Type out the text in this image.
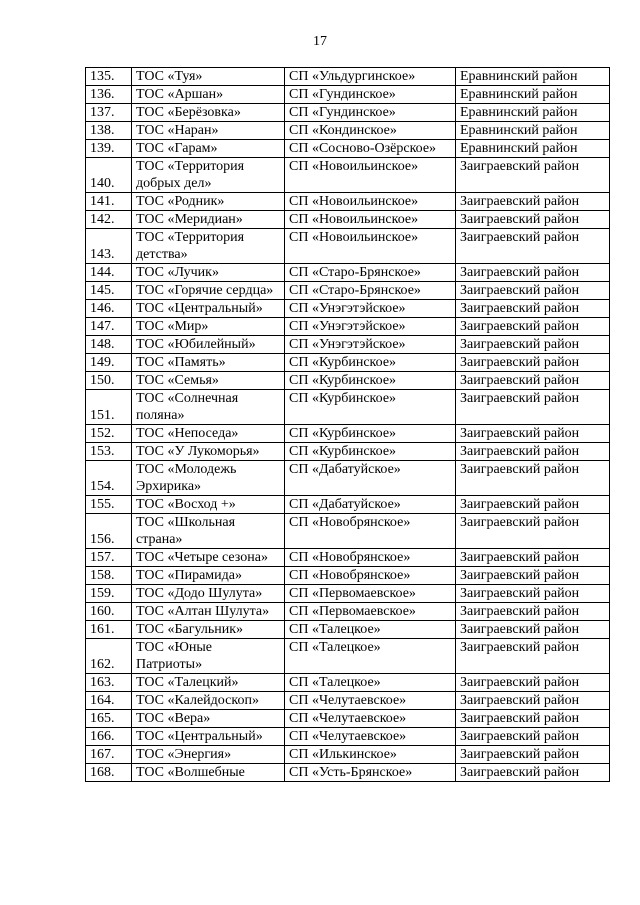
17
135.	ТОС «Туя»	СП «Ульдургинское»	Еравнинский район
136.	ТОС «Аршан»	СП «Гундинское»	Еравнинский район
137.	ТОС «Берёзовка»	СП «Гундинское»	Еравнинский район
138.	ТОС «Наран»	СП «Кондинское»	Еравнинский район
139.	ТОС «Гарам»	СП «Сосново-Озёрское»	Еравнинский район
140.	ТОС «Территория добрых дел»	СП «Новоильинское»	Заиграевский район
141.	ТОС «Родник»	СП «Новоильинское»	Заиграевский район
142.	ТОС «Меридиан»	СП «Новоильинское»	Заиграевский район
143.	ТОС «Территория детства»	СП «Новоильинское»	Заиграевский район
144.	ТОС «Лучик»	СП «Старо-Брянское»	Заиграевский район
145.	ТОС «Горячие сердца»	СП «Старо-Брянское»	Заиграевский район
146.	ТОС «Центральный»	СП «Унэгэтэйское»	Заиграевский район
147.	ТОС «Мир»	СП «Унэгэтэйское»	Заиграевский район
148.	ТОС «Юбилейный»	СП «Унэгэтэйское»	Заиграевский район
149.	ТОС «Память»	СП «Курбинское»	Заиграевский район
150.	ТОС «Семья»	СП «Курбинское»	Заиграевский район
151.	ТОС «Солнечная поляна»	СП «Курбинское»	Заиграевский район
152.	ТОС «Непоседа»	СП «Курбинское»	Заиграевский район
153.	ТОС «У Лукоморья»	СП «Курбинское»	Заиграевский район
154.	ТОС «Молодежь Эрхирика»	СП «Дабатуйское»	Заиграевский район
155.	ТОС «Восход +»	СП «Дабатуйское»	Заиграевский район
156.	ТОС «Школьная страна»	СП «Новобрянское»	Заиграевский район
157.	ТОС «Четыре сезона»	СП «Новобрянское»	Заиграевский район
158.	ТОС «Пирамида»	СП «Новобрянское»	Заиграевский район
159.	ТОС «Додо Шулута»	СП «Первомаевское»	Заиграевский район
160.	ТОС «Алтан Шулута»	СП «Первомаевское»	Заиграевский район
161.	ТОС «Багульник»	СП «Талецкое»	Заиграевский район
162.	ТОС «Юные Патриоты»	СП «Талецкое»	Заиграевский район
163.	ТОС «Талецкий»	СП «Талецкое»	Заиграевский район
164.	ТОС «Калейдоскоп»	СП «Челутаевское»	Заиграевский район
165.	ТОС «Вера»	СП «Челутаевское»	Заиграевский район
166.	ТОС «Центральный»	СП «Челутаевское»	Заиграевский район
167.	ТОС «Энергия»	СП «Илькинское»	Заиграевский район
168.	ТОС «Волшебные	СП «Усть-Брянское»	Заиграевский район
